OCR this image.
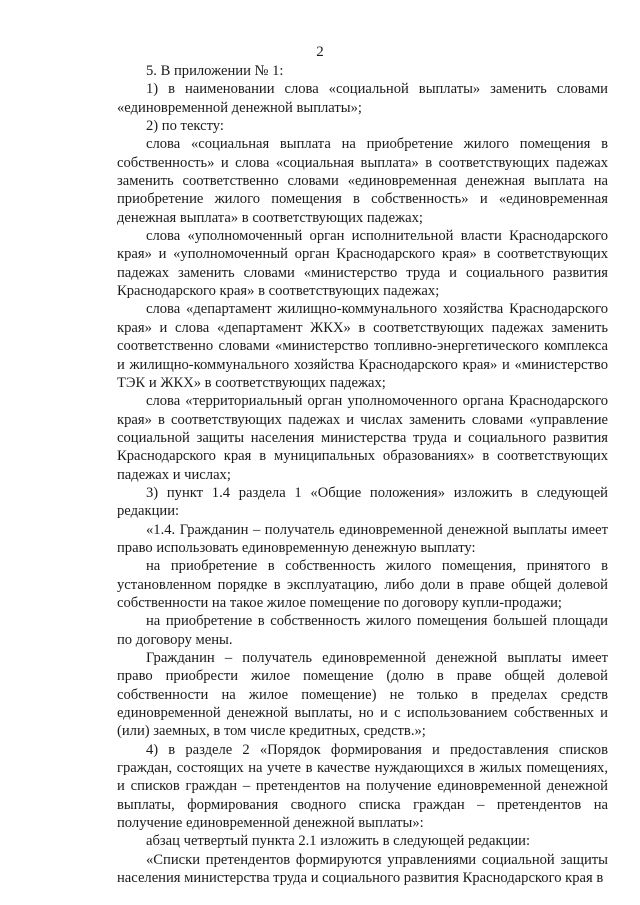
2

5. В приложении № 1:

1) в наименовании слова «социальной выплаты» заменить словами «единовременной денежной выплаты»;

2) по тексту:

слова «социальная выплата на приобретение жилого помещения в собственность» и слова «социальная выплата» в соответствующих падежах заменить соответственно словами «единовременная денежная выплата на приобретение жилого помещения в собственность» и «единовременная денежная выплата» в соответствующих падежах;

слова «уполномоченный орган исполнительной власти Краснодарского края» и «уполномоченный орган Краснодарского края» в соответствующих падежах заменить словами «министерство труда и социального развития Краснодарского края» в соответствующих падежах;

слова «департамент жилищно-коммунального хозяйства Краснодарского края» и слова «департамент ЖКХ» в соответствующих падежах заменить соответственно словами «министерство топливно-энергетического комплекса и жилищно-коммунального хозяйства Краснодарского края» и «министерство ТЭК и ЖКХ» в соответствующих падежах;

слова «территориальный орган уполномоченного органа Краснодарского края» в соответствующих падежах и числах заменить словами «управление социальной защиты населения министерства труда и социального развития Краснодарского края в муниципальных образованиях» в соответствующих падежах и числах;

3) пункт 1.4 раздела 1 «Общие положения» изложить в следующей редакции:

«1.4. Гражданин – получатель единовременной денежной выплаты имеет право использовать единовременную денежную выплату:

на приобретение в собственность жилого помещения, принятого в установленном порядке в эксплуатацию, либо доли в праве общей долевой собственности на такое жилое помещение по договору купли-продажи;

на приобретение в собственность жилого помещения большей площади по договору мены.

Гражданин – получатель единовременной денежной выплаты имеет право приобрести жилое помещение (долю в праве общей долевой собственности на жилое помещение) не только в пределах средств единовременной денежной выплаты, но и с использованием собственных и (или) заемных, в том числе кредитных, средств.»;

4) в разделе 2 «Порядок формирования и предоставления списков граждан, состоящих на учете в качестве нуждающихся в жилых помещениях, и списков граждан – претендентов на получение единовременной денежной выплаты, формирования сводного списка граждан – претендентов на получение единовременной денежной выплаты»:

абзац четвертый пункта 2.1 изложить в следующей редакции:

«Списки претендентов формируются управлениями социальной защиты населения министерства труда и социального развития Краснодарского края в
